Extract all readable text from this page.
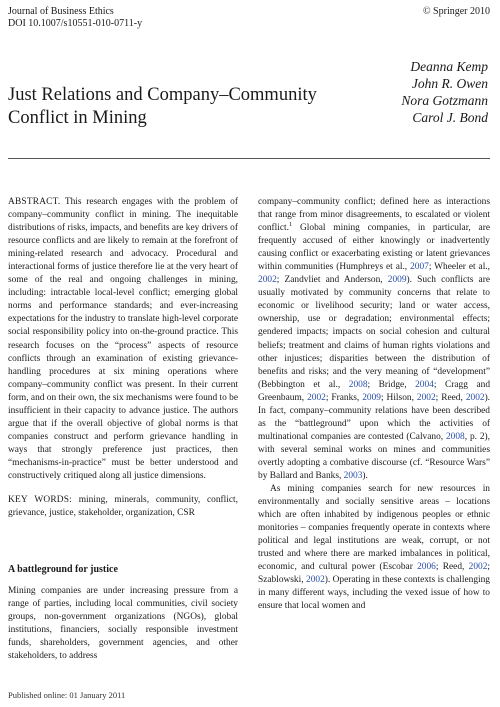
Journal of Business Ethics
DOI 10.1007/s10551-010-0711-y
© Springer 2010
Just Relations and Company–Community
Conflict in Mining
Deanna Kemp
John R. Owen
Nora Gotzmann
Carol J. Bond

ABSTRACT. This research engages with the problem of company–community conflict in mining. The inequitable distributions of risks, impacts, and benefits are key drivers of resource conflicts and are likely to remain at the forefront of mining-related research and advocacy. Procedural and interactional forms of justice therefore lie at the very heart of some of the real and ongoing challenges in mining, including: intractable local-level conflict; emerging global norms and performance standards; and ever-increasing expectations for the industry to translate high-level corporate social responsibility policy into on-the-ground practice. This research focuses on the “process” aspects of resource conflicts through an examination of existing grievance-handling procedures at six mining operations where company–community conflict was present. In their current form, and on their own, the six mechanisms were found to be insufficient in their capacity to advance justice. The authors argue that if the overall objective of global norms is that companies construct and perform grievance handling in ways that strongly preference just practices, then “mechanisms-in-practice” must be better understood and constructively critiqued along all justice dimensions.

KEY WORDS: mining, minerals, community, conflict, grievance, justice, stakeholder, organization, CSR

A battleground for justice

Mining companies are under increasing pressure from a range of parties, including local communities, civil society groups, non-government organizations (NGOs), global institutions, financiers, socially responsible investment funds, shareholders, government agencies, and other stakeholders, to address

company–community conflict; defined here as interactions that range from minor disagreements, to escalated or violent conflict.$^1$ Global mining companies, in particular, are frequently accused of either knowingly or inadvertently causing conflict or exacerbating existing or latent grievances within communities (Humphreys et al., 2007; Wheeler et al., 2002; Zandvliet and Anderson, 2009). Such conflicts are usually motivated by community concerns that relate to economic or livelihood security; land or water access, ownership, use or degradation; environmental effects; gendered impacts; impacts on social cohesion and cultural beliefs; treatment and claims of human rights violations and other injustices; disparities between the distribution of benefits and risks; and the very meaning of “development” (Bebbington et al., 2008; Bridge, 2004; Cragg and Greenbaum, 2002; Franks, 2009; Hilson, 2002; Reed, 2002). In fact, company–community relations have been described as the “battleground” upon which the activities of multinational companies are contested (Calvano, 2008, p. 2), with several seminal works on mines and communities overtly adopting a combative discourse (cf. “Resource Wars” by Ballard and Banks, 2003).

As mining companies search for new resources in environmentally and socially sensitive areas – locations which are often inhabited by indigenous peoples or ethnic monitories – companies frequently operate in contexts where political and legal institutions are weak, corrupt, or not trusted and where there are marked imbalances in political, economic, and cultural power (Escobar 2006; Reed, 2002; Szablowski, 2002). Operating in these contexts is challenging in many different ways, including the vexed issue of how to ensure that local women and

Published online: 01 January 2011
